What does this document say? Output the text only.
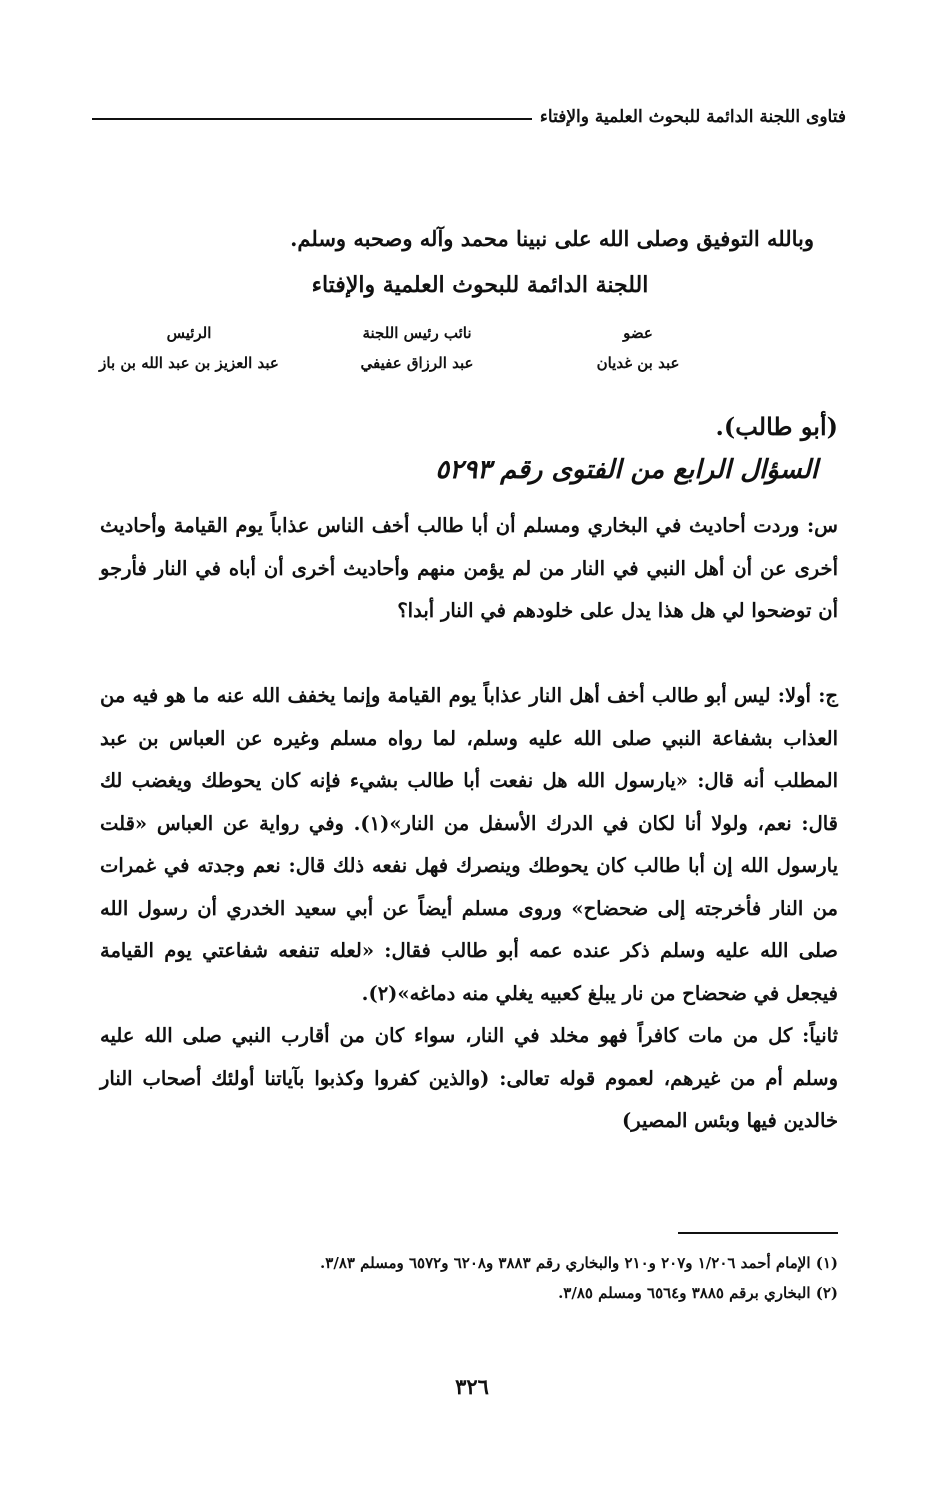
فتاوى اللجنة الدائمة للبحوث العلمية والإفتاء
وبالله التوفيق وصلى الله على نبينا محمد وآله وصحبه وسلم.
اللجنة الدائمة للبحوث العلمية والإفتاء
عضو
عبد بن غديان
نائب رئيس اللجنة
عبد الرزاق عفيفي
الرئيس
عبد العزيز بن عبد الله بن باز
(أبو طالب).
السؤال الرابع من الفتوى رقم ٥٢٩٣

س: وردت أحاديث في البخاري ومسلم أن أبا طالب أخف الناس عذاباً يوم القيامة وأحاديث أخرى عن أن أهل النبي في النار من لم يؤمن منهم وأحاديث أخرى أن أباه في النار فأرجو أن توضحوا لي هل هذا يدل على خلودهم في النار أبدا؟

ج: أولا: ليس أبو طالب أخف أهل النار عذاباً يوم القيامة وإنما يخفف الله عنه ما هو فيه من العذاب بشفاعة النبي صلى الله عليه وسلم، لما رواه مسلم وغيره عن العباس بن عبد المطلب أنه قال: «يارسول الله هل نفعت أبا طالب بشيء فإنه كان يحوطك ويغضب لك قال: نعم، ولولا أنا لكان في الدرك الأسفل من النار»(١). وفي رواية عن العباس «قلت يارسول الله إن أبا طالب كان يحوطك وينصرك فهل نفعه ذلك قال: نعم وجدته في غمرات من النار فأخرجته إلى ضحضاح» وروى مسلم أيضاً عن أبي سعيد الخدري أن رسول الله صلى الله عليه وسلم ذكر عنده عمه أبو طالب فقال: «لعله تنفعه شفاعتي يوم القيامة فيجعل في ضحضاح من نار يبلغ كعبيه يغلي منه دماغه»(٢).

ثانياً: كل من مات كافراً فهو مخلد في النار، سواء كان من أقارب النبي صلى الله عليه وسلم أم من غيرهم، لعموم قوله تعالى: (والذين كفروا وكذبوا بآياتنا أولئك أصحاب النار خالدين فيها وبئس المصير)

(١) الإمام أحمد ١/٢٠٦ و٢٠٧ و٢١٠ والبخاري رقم ٣٨٨٣ و٦٢٠٨ و٦٥٧٢ ومسلم ٣/٨٣.

(٢) البخاري برقم ٣٨٨٥ و٦٥٦٤ ومسلم ٣/٨٥.

٣٢٦
